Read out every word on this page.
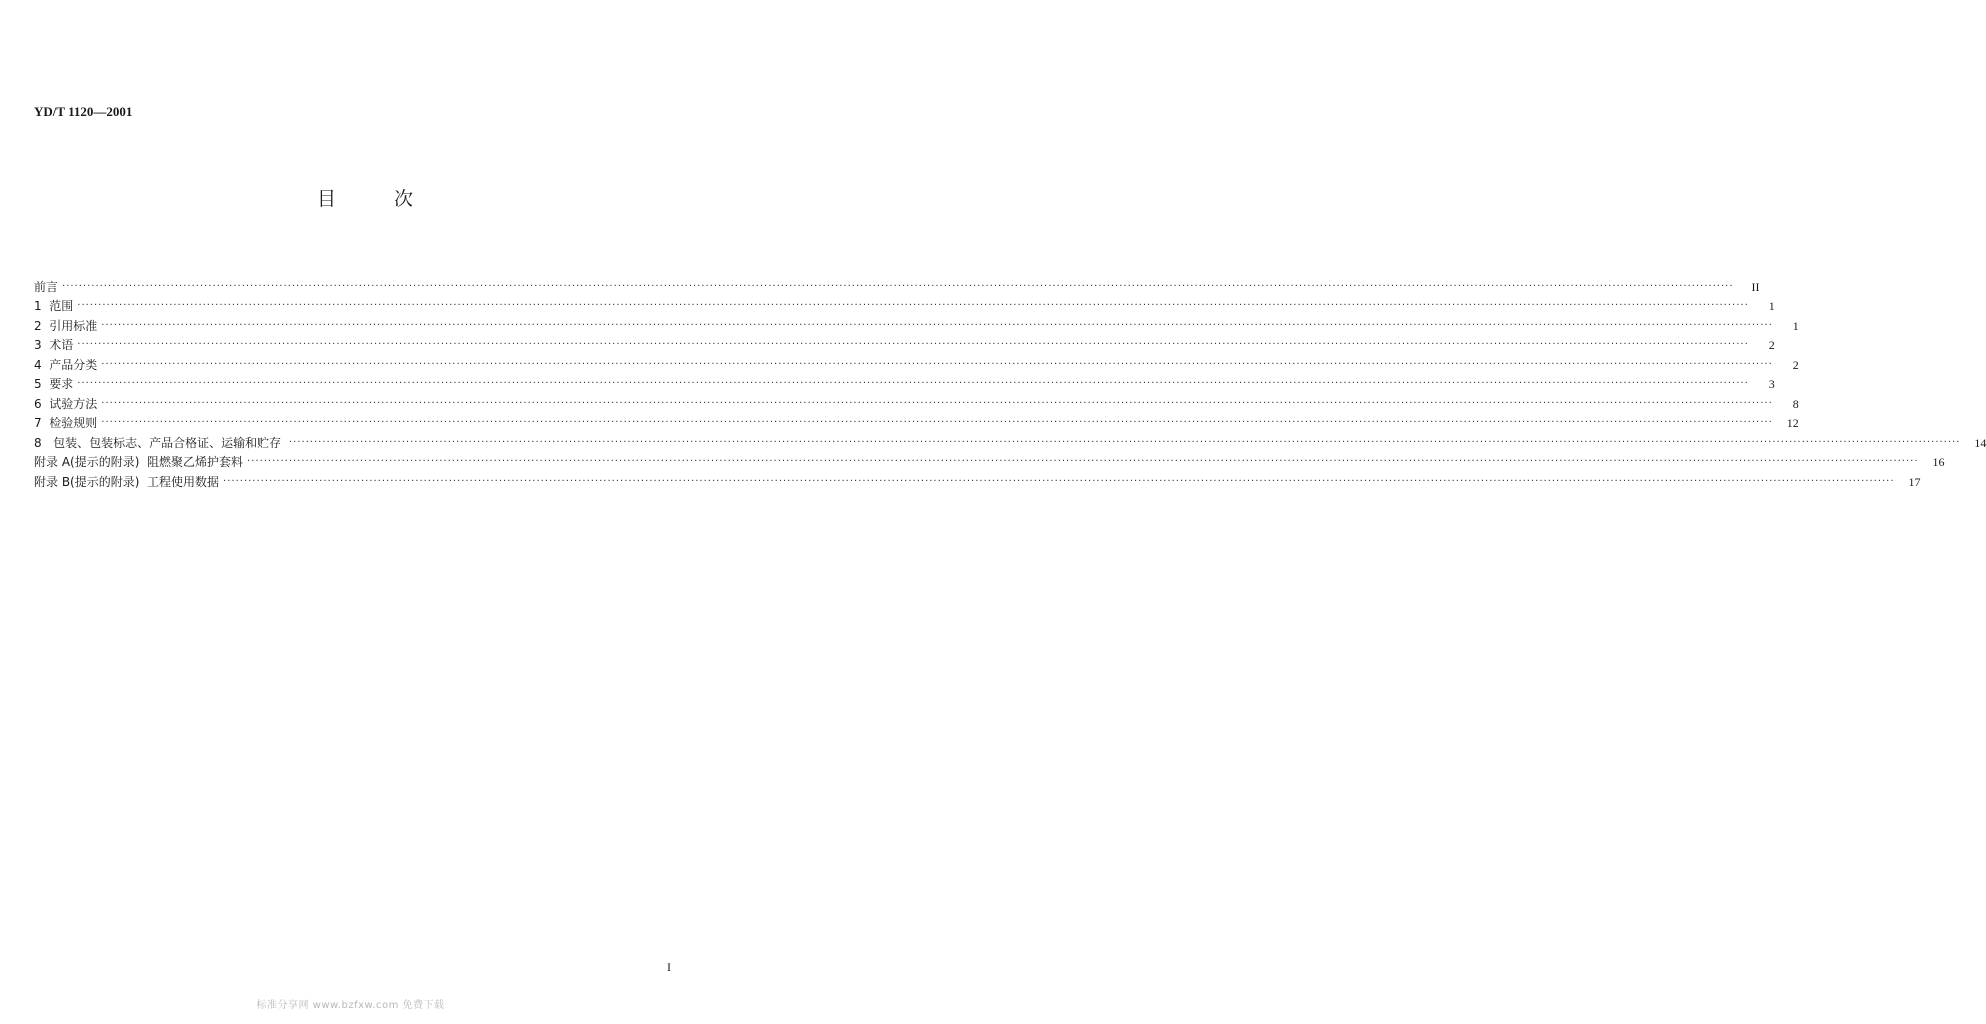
YD/T 1120—2001
目	次
前言 ················································································································································································································································································································································································································	II
1  范围 ················································································································································································································································································································································································································	1
2  引用标准 ················································································································································································································································································································································································································	1
3  术语 ················································································································································································································································································································································································································	2
4  产品分类 ················································································································································································································································································································································································································	2
5  要求 ················································································································································································································································································································································································································	3
6  试验方法 ················································································································································································································································································································································································································	8
7  检验规则 ················································································································································································································································································································································································································	12
8   包装、包装标志、产品合格证、运输和贮存 ················································································································································································································································································································································································································	14
附录 A(提示的附录)  阻燃聚乙烯护套料 ················································································································································································································································································································································································································	16
附录 B(提示的附录)  工程使用数据 ················································································································································································································································································································································································································	17
I
标准分享网 www.bzfxw.com 免费下载
